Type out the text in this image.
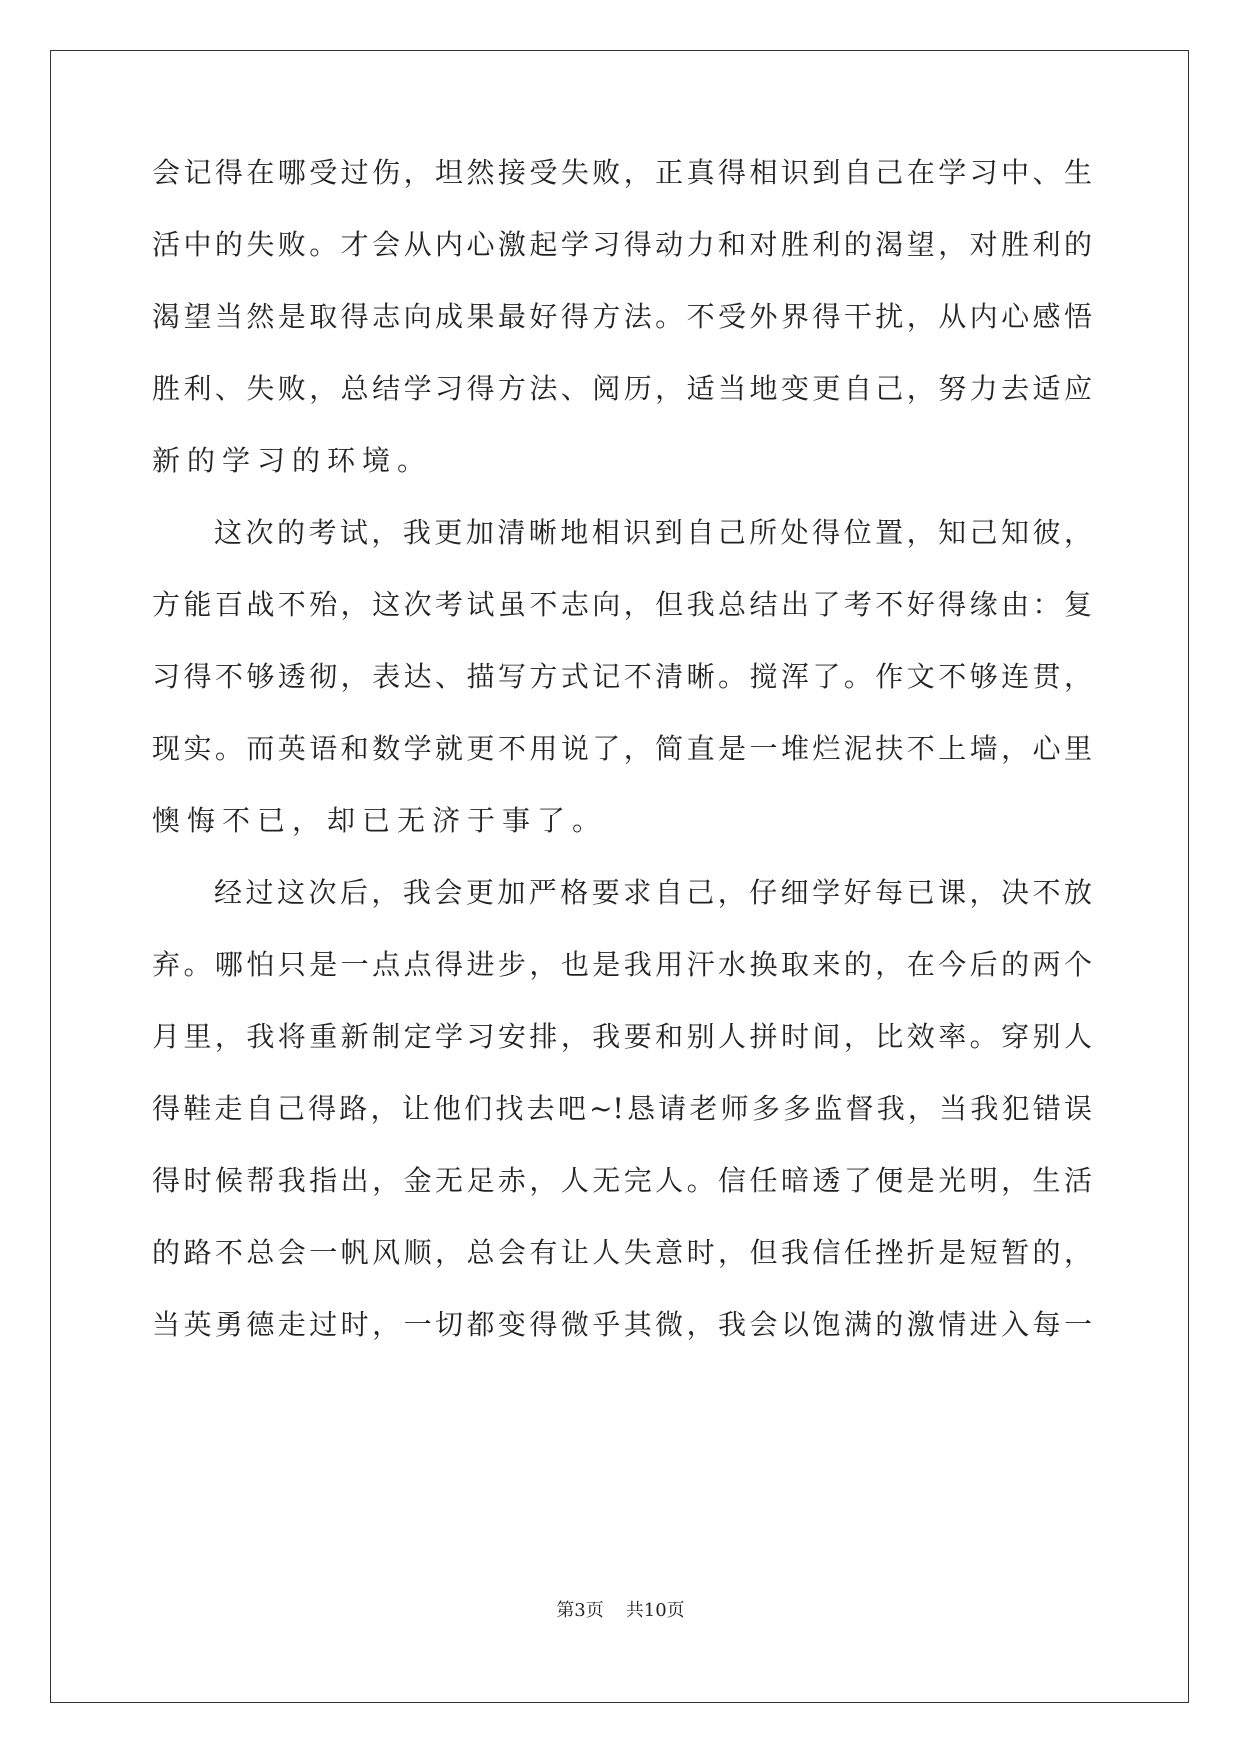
会记得在哪受过伤，坦然接受失败，正真得相识到自己在学习中、生
活中的失败。才会从内心激起学习得动力和对胜利的渴望，对胜利的
渴望当然是取得志向成果最好得方法。不受外界得干扰，从内心感悟
胜利、失败，总结学习得方法、阅历，适当地变更自己，努力去适应
新的学习的环境。
这次的考试，我更加清晰地相识到自己所处得位置，知己知彼，
方能百战不殆，这次考试虽不志向，但我总结出了考不好得缘由：复
习得不够透彻，表达、描写方式记不清晰。搅浑了。作文不够连贯，
现实。而英语和数学就更不用说了，简直是一堆烂泥扶不上墙，心里
懊悔不已，却已无济于事了。
经过这次后，我会更加严格要求自己，仔细学好每已课，决不放
弃。哪怕只是一点点得进步，也是我用汗水换取来的，在今后的两个
月里，我将重新制定学习安排，我要和别人拼时间，比效率。穿别人
得鞋走自己得路，让他们找去吧~!恳请老师多多监督我，当我犯错误
得时候帮我指出，金无足赤，人无完人。信任暗透了便是光明，生活
的路不总会一帆风顺，总会有让人失意时，但我信任挫折是短暂的，
当英勇德走过时，一切都变得微乎其微，我会以饱满的激情进入每一
第3页 共10页
